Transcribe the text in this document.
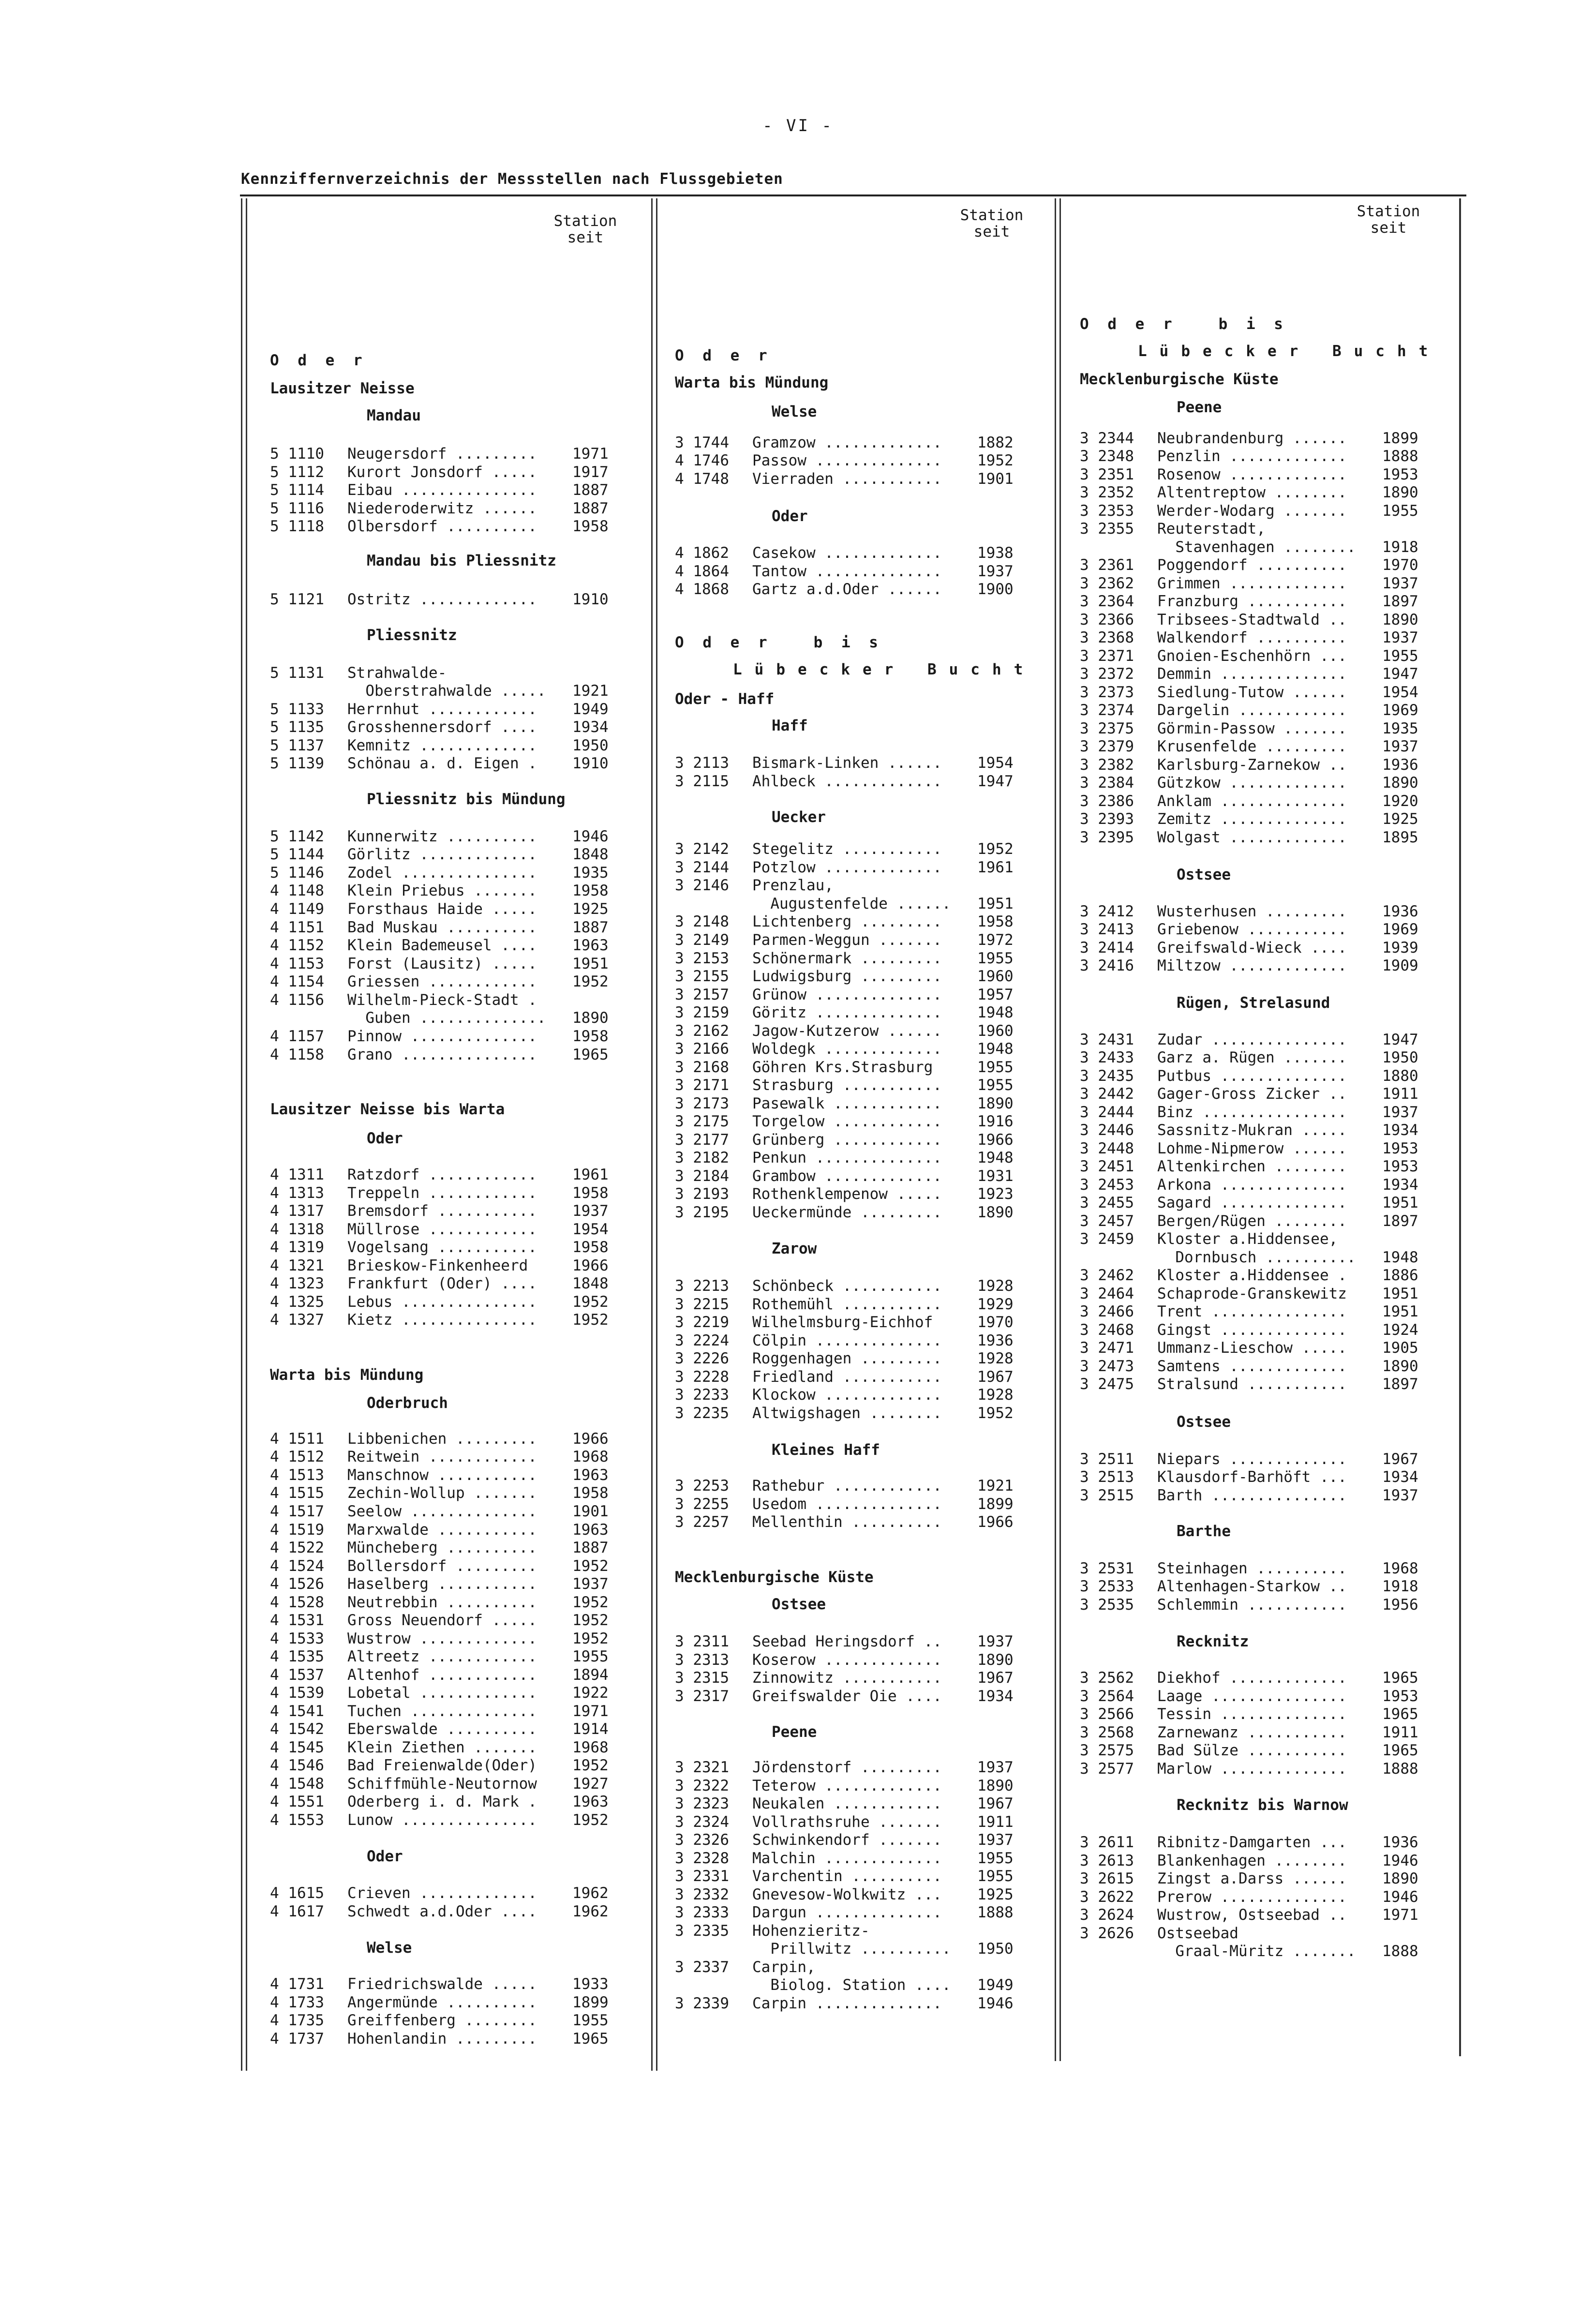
- VI -
Kennziffernverzeichnis der Messstellen nach Flussgebieten
Station
seit
Station
seit
Station
seit
O d e r
Lausitzer Neisse
Mandau
5 1110 Neugersdorf ......... 1971
5 1112 Kurort Jonsdorf ..... 1917
5 1114 Eibau ............... 1887
5 1116 Niederoderwitz ...... 1887
5 1118 Olbersdorf .......... 1958
Mandau bis Pliessnitz
5 1121 Ostritz ............. 1910
Pliessnitz
5 1131 Strahwalde-
Oberstrahwalde ..... 1921
5 1133 Herrnhut ............ 1949
5 1135 Grosshennersdorf .... 1934
5 1137 Kemnitz ............. 1950
5 1139 Schönau a. d. Eigen . 1910
Pliessnitz bis Mündung
5 1142 Kunnerwitz .......... 1946
5 1144 Görlitz ............. 1848
5 1146 Zodel ............... 1935
4 1148 Klein Priebus ....... 1958
4 1149 Forsthaus Haide ..... 1925
4 1151 Bad Muskau .......... 1887
4 1152 Klein Bademeusel .... 1963
4 1153 Forst (Lausitz) ..... 1951
4 1154 Griessen ............ 1952
4 1156 Wilhelm-Pieck-Stadt .
Guben .............. 1890
4 1157 Pinnow .............. 1958
4 1158 Grano ............... 1965
Lausitzer Neisse bis Warta
Oder
4 1311 Ratzdorf ............ 1961
4 1313 Treppeln ............ 1958
4 1317 Bremsdorf ........... 1937
4 1318 Müllrose ............ 1954
4 1319 Vogelsang ........... 1958
4 1321 Brieskow-Finkenheerd 1966
4 1323 Frankfurt (Oder) .... 1848
4 1325 Lebus ............... 1952
4 1327 Kietz ............... 1952
Warta bis Mündung
Oderbruch
4 1511 Libbenichen ......... 1966
4 1512 Reitwein ............ 1968
4 1513 Manschnow ........... 1963
4 1515 Zechin-Wollup ....... 1958
4 1517 Seelow .............. 1901
4 1519 Marxwalde ........... 1963
4 1522 Müncheberg .......... 1887
4 1524 Bollersdorf ......... 1952
4 1526 Haselberg ........... 1937
4 1528 Neutrebbin .......... 1952
4 1531 Gross Neuendorf ..... 1952
4 1533 Wustrow ............. 1952
4 1535 Altreetz ............ 1955
4 1537 Altenhof ............ 1894
4 1539 Lobetal ............. 1922
4 1541 Tuchen .............. 1971
4 1542 Eberswalde .......... 1914
4 1545 Klein Ziethen ....... 1968
4 1546 Bad Freienwalde(Oder) 1952
4 1548 Schiffmühle-Neutornow 1927
4 1551 Oderberg i. d. Mark . 1963
4 1553 Lunow ............... 1952
Oder
4 1615 Crieven ............. 1962
4 1617 Schwedt a.d.Oder .... 1962
Welse
4 1731 Friedrichswalde ..... 1933
4 1733 Angermünde .......... 1899
4 1735 Greiffenberg ........ 1955
4 1737 Hohenlandin ......... 1965
O d e r
Warta bis Mündung
Welse
3 1744 Gramzow ............. 1882
4 1746 Passow .............. 1952
4 1748 Vierraden ........... 1901
Oder
4 1862 Casekow ............. 1938
4 1864 Tantow .............. 1937
4 1868 Gartz a.d.Oder ...... 1900
O d e r   b i s
Lübecker Bucht
Oder - Haff
Haff
3 2113 Bismark-Linken ...... 1954
3 2115 Ahlbeck ............. 1947
Uecker
3 2142 Stegelitz ........... 1952
3 2144 Potzlow ............. 1961
3 2146 Prenzlau,
Augustenfelde ...... 1951
3 2148 Lichtenberg ......... 1958
3 2149 Parmen-Weggun ....... 1972
3 2153 Schönermark ......... 1955
3 2155 Ludwigsburg ......... 1960
3 2157 Grünow .............. 1957
3 2159 Göritz .............. 1948
3 2162 Jagow-Kutzerow ...... 1960
3 2166 Woldegk ............. 1948
3 2168 Göhren Krs.Strasburg 1955
3 2171 Strasburg ........... 1955
3 2173 Pasewalk ............ 1890
3 2175 Torgelow ............ 1916
3 2177 Grünberg ............ 1966
3 2182 Penkun .............. 1948
3 2184 Grambow ............. 1931
3 2193 Rothenklempenow ..... 1923
3 2195 Ueckermünde ......... 1890
Zarow
3 2213 Schönbeck ........... 1928
3 2215 Rothemühl ........... 1929
3 2219 Wilhelmsburg-Eichhof 1970
3 2224 Cölpin .............. 1936
3 2226 Roggenhagen ......... 1928
3 2228 Friedland ........... 1967
3 2233 Klockow ............. 1928
3 2235 Altwigshagen ........ 1952
Kleines Haff
3 2253 Rathebur ............ 1921
3 2255 Usedom .............. 1899
3 2257 Mellenthin .......... 1966
Mecklenburgische Küste
Ostsee
3 2311 Seebad Heringsdorf .. 1937
3 2313 Koserow ............. 1890
3 2315 Zinnowitz ........... 1967
3 2317 Greifswalder Oie .... 1934
Peene
3 2321 Jördenstorf ......... 1937
3 2322 Teterow ............. 1890
3 2323 Neukalen ............ 1967
3 2324 Vollrathsruhe ....... 1911
3 2326 Schwinkendorf ....... 1937
3 2328 Malchin ............. 1955
3 2331 Varchentin .......... 1955
3 2332 Gnevesow-Wolkwitz ... 1925
3 2333 Dargun .............. 1888
3 2335 Hohenzieritz-
Prillwitz .......... 1950
3 2337 Carpin,
Biolog. Station .... 1949
3 2339 Carpin .............. 1946
O d e r   b i s
Lübecker Bucht
Mecklenburgische Küste
Peene
3 2344 Neubrandenburg ...... 1899
3 2348 Penzlin ............. 1888
3 2351 Rosenow ............. 1953
3 2352 Altentreptow ........ 1890
3 2353 Werder-Wodarg ....... 1955
3 2355 Reuterstadt,
Stavenhagen ........ 1918
3 2361 Poggendorf .......... 1970
3 2362 Grimmen ............. 1937
3 2364 Franzburg ........... 1897
3 2366 Tribsees-Stadtwald .. 1890
3 2368 Walkendorf .......... 1937
3 2371 Gnoien-Eschenhörn ... 1955
3 2372 Demmin .............. 1947
3 2373 Siedlung-Tutow ...... 1954
3 2374 Dargelin ............ 1969
3 2375 Görmin-Passow ....... 1935
3 2379 Krusenfelde ......... 1937
3 2382 Karlsburg-Zarnekow .. 1936
3 2384 Gützkow ............. 1890
3 2386 Anklam .............. 1920
3 2393 Zemitz .............. 1925
3 2395 Wolgast ............. 1895
Ostsee
3 2412 Wusterhusen ......... 1936
3 2413 Griebenow ........... 1969
3 2414 Greifswald-Wieck .... 1939
3 2416 Miltzow ............. 1909
Rügen, Strelasund
3 2431 Zudar ............... 1947
3 2433 Garz a. Rügen ....... 1950
3 2435 Putbus .............. 1880
3 2442 Gager-Gross Zicker .. 1911
3 2444 Binz ................ 1937
3 2446 Sassnitz-Mukran ..... 1934
3 2448 Lohme-Nipmerow ...... 1953
3 2451 Altenkirchen ........ 1953
3 2453 Arkona .............. 1934
3 2455 Sagard .............. 1951
3 2457 Bergen/Rügen ........ 1897
3 2459 Kloster a.Hiddensee,
Dornbusch .......... 1948
3 2462 Kloster a.Hiddensee . 1886
3 2464 Schaprode-Granskewitz 1951
3 2466 Trent ............... 1951
3 2468 Gingst .............. 1924
3 2471 Ummanz-Lieschow ..... 1905
3 2473 Samtens ............. 1890
3 2475 Stralsund ........... 1897
Ostsee
3 2511 Niepars ............. 1967
3 2513 Klausdorf-Barhöft ... 1934
3 2515 Barth ............... 1937
Barthe
3 2531 Steinhagen .......... 1968
3 2533 Altenhagen-Starkow .. 1918
3 2535 Schlemmin ........... 1956
Recknitz
3 2562 Diekhof ............. 1965
3 2564 Laage ............... 1953
3 2566 Tessin .............. 1965
3 2568 Zarnewanz ........... 1911
3 2575 Bad Sülze ........... 1965
3 2577 Marlow .............. 1888
Recknitz bis Warnow
3 2611 Ribnitz-Damgarten ... 1936
3 2613 Blankenhagen ........ 1946
3 2615 Zingst a.Darss ...... 1890
3 2622 Prerow .............. 1946
3 2624 Wustrow, Ostseebad .. 1971
3 2626 Ostseebad
Graal-Müritz ....... 1888
